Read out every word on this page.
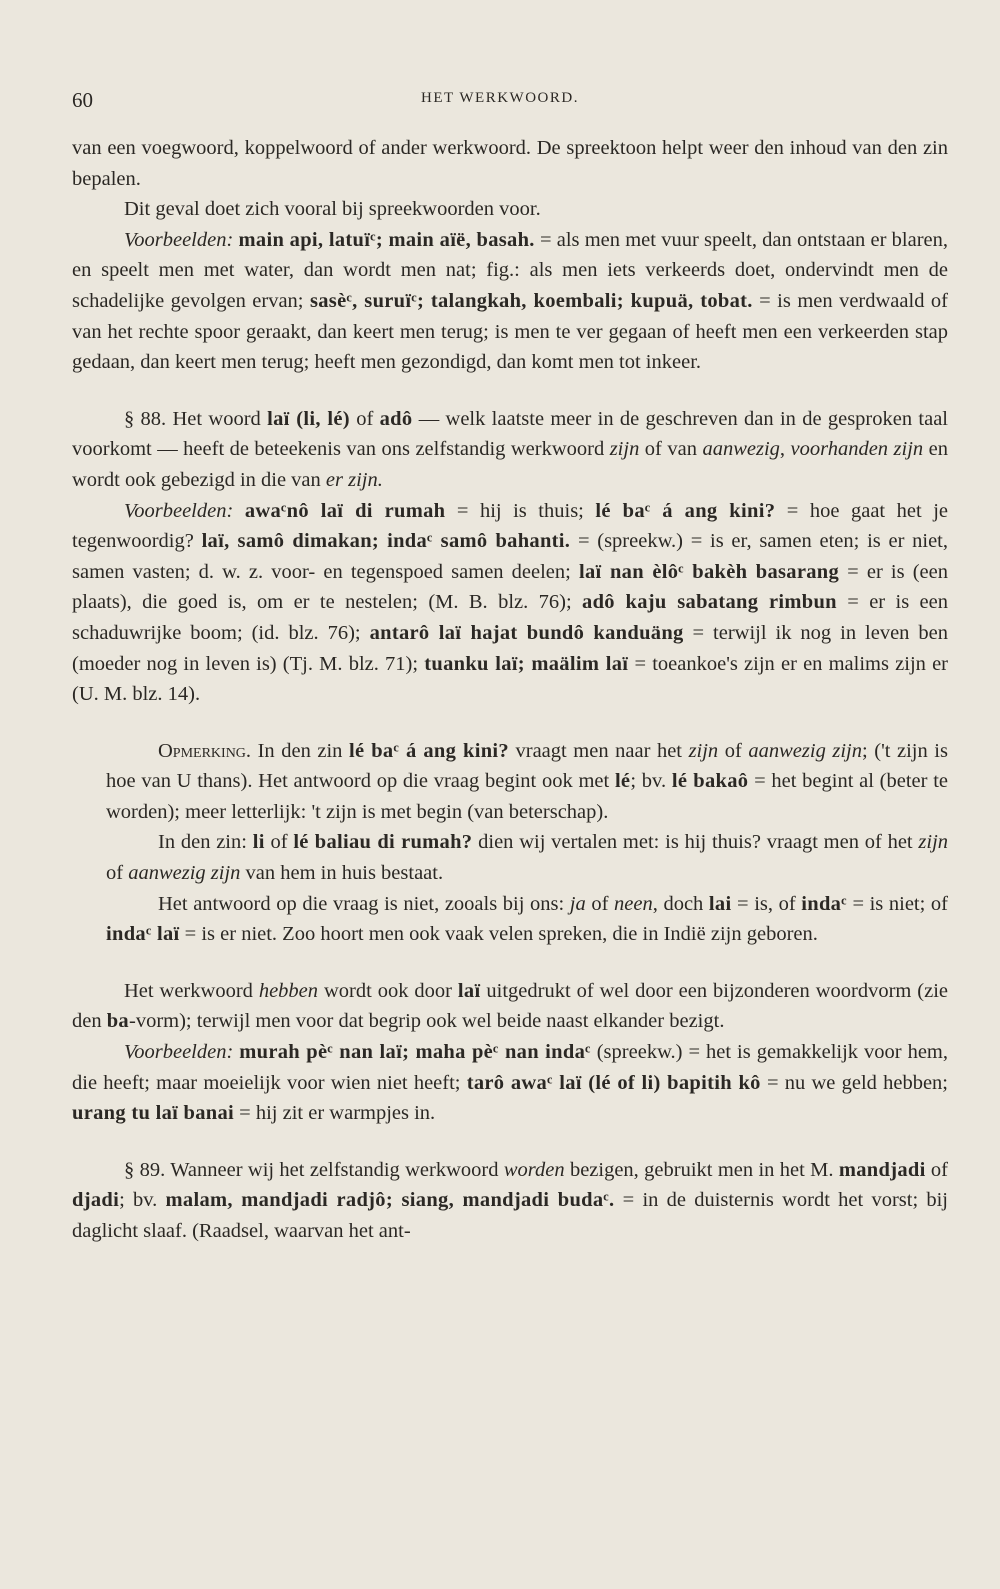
60	HET WERKWOORD.

van een voegwoord, koppelwoord of ander werkwoord. De spreektoon helpt weer den inhoud van den zin bepalen.

Dit geval doet zich vooral bij spreekwoorden voor.

Voorbeelden: main api, latuïᶜ; main aïë, basah. = als men met vuur speelt, dan ontstaan er blaren, en speelt men met water, dan wordt men nat; fig.: als men iets verkeerds doet, ondervindt men de schadelijke gevolgen ervan; sasèᶜ, suruïᶜ; talangkah, koembali; kupuä, tobat. = is men verdwaald of van het rechte spoor geraakt, dan keert men terug; is men te ver gegaan of heeft men een verkeerden stap gedaan, dan keert men terug; heeft men gezondigd, dan komt men tot inkeer.

§ 88. Het woord laï (li, lé) of adô — welk laatste meer in de geschreven dan in de gesproken taal voorkomt — heeft de beteekenis van ons zelfstandig werkwoord zijn of van aanwezig, voorhanden zijn en wordt ook gebezigd in die van er zijn.

Voorbeelden: awaᶜnô laï di rumah = hij is thuis; lé baᶜ á ang kini? = hoe gaat het je tegenwoordig? laï, samô dimakan; indaᶜ samô bahanti. = (spreekw.) = is er, samen eten; is er niet, samen vasten; d. w. z. voor- en tegenspoed samen deelen; laï nan èlôᶜ bakèh basarang = er is (een plaats), die goed is, om er te nestelen; (M. B. blz. 76); adô kaju sabatang rimbun = er is een schaduwrijke boom; (id. blz. 76); antarô laï hajat bundô kanduäng = terwijl ik nog in leven ben (moeder nog in leven is) (Tj. M. blz. 71); tuanku laï; maälim laï = toeankoe's zijn er en malims zijn er (U. M. blz. 14).

Opmerking. In den zin lé baᶜ á ang kini? vraagt men naar het zijn of aanwezig zijn; ('t zijn is hoe van U thans). Het antwoord op die vraag begint ook met lé; bv. lé bakaô = het begint al (beter te worden); meer letterlijk: 't zijn is met begin (van beterschap).

In den zin: li of lé baliau di rumah? dien wij vertalen met: is hij thuis? vraagt men of het zijn of aanwezig zijn van hem in huis bestaat.

Het antwoord op die vraag is niet, zooals bij ons: ja of neen, doch lai = is, of indaᶜ = is niet; of indaᶜ laï = is er niet. Zoo hoort men ook vaak velen spreken, die in Indië zijn geboren.

Het werkwoord hebben wordt ook door laï uitgedrukt of wel door een bijzonderen woordvorm (zie den ba-vorm); terwijl men voor dat begrip ook wel beide naast elkander bezigt.

Voorbeelden: murah pèᶜ nan laï; maha pèᶜ nan indaᶜ (spreekw.) = het is gemakkelijk voor hem, die heeft; maar moeielijk voor wien niet heeft; tarô awaᶜ laï (lé of li) bapitih kô = nu we geld hebben; urang tu laï banai = hij zit er warmpjes in.

§ 89. Wanneer wij het zelfstandig werkwoord worden bezigen, gebruikt men in het M. mandjadi of djadi; bv. malam, mandjadi radjô; siang, mandjadi budaᶜ. = in de duisternis wordt het vorst; bij daglicht slaaf. (Raadsel, waarvan het ant-
